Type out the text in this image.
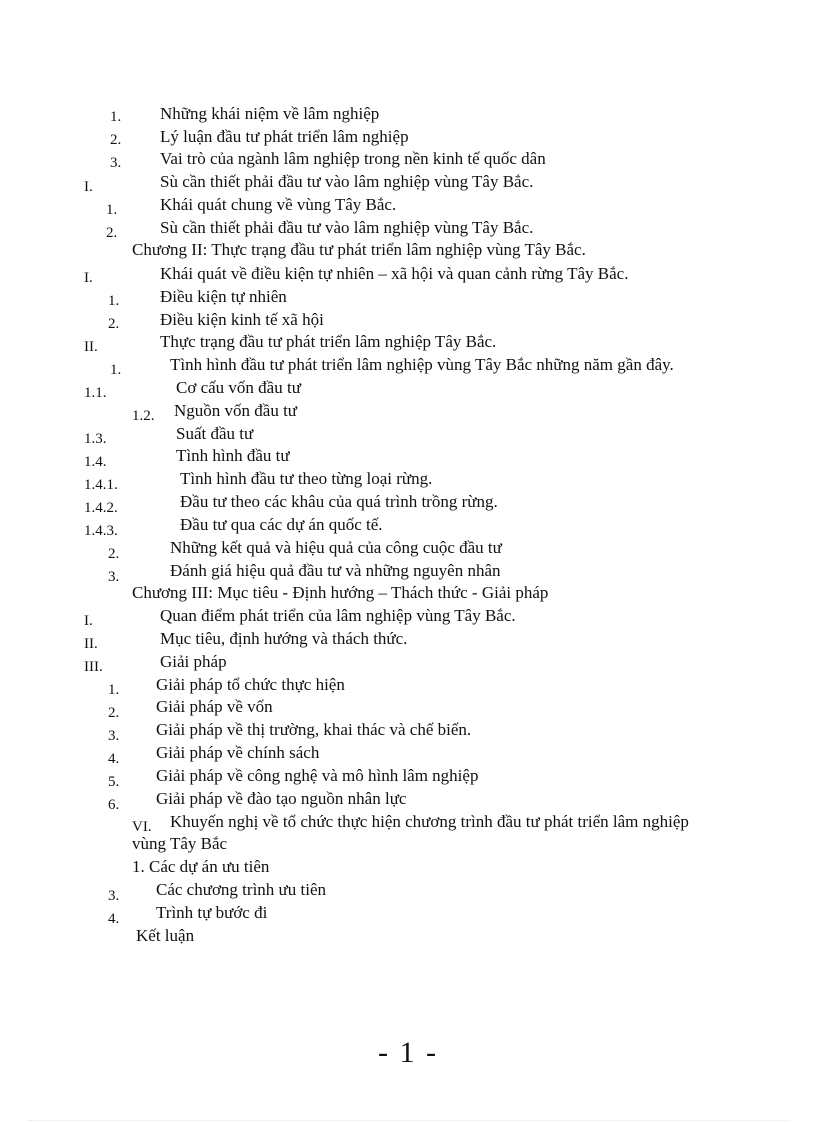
1. Những khái niệm về lâm nghiệp
2. Lý luận đầu tư phát triển lâm nghiệp
3. Vai trò của ngành lâm nghiệp trong nền kinh tế quốc dân
I.	Sù cần thiết phải đầu tư vào lâm nghiệp vùng Tây Bắc.
1.	Khái quát chung về vùng Tây Bắc.
2.	Sù cần thiết phải đầu tư vào lâm nghiệp vùng Tây Bắc.
Chương II: Thực trạng đầu tư phát triển lâm nghiệp vùng Tây Bắc.
I.	Khái quát về điều kiện tự nhiên – xã hội và quan cảnh rừng Tây Bắc.
1. Điều kiện tự nhiên
2. Điều kiện kinh tế xã hội
II.	Thực trạng đầu tư phát triển lâm nghiệp Tây Bắc.
1.	Tình hình đầu tư phát triển lâm nghiệp vùng Tây Bắc những năm gần đây.
1.1.	Cơ cấu vốn đầu tư
1.2. Nguồn vốn đầu tư
1.3.	Suất đầu tư
1.4.	Tình hình đầu tư
1.4.1.	Tình hình đầu tư theo từng loại rừng.
1.4.2.	Đầu tư theo các khâu của quá trình trồng rừng.
1.4.3.	Đầu tư qua các dự án quốc tế.
2.	Những kết quả và hiệu quả của công cuộc đầu tư
3.	Đánh giá hiệu quả đầu tư và những nguyên nhân
Chương III: Mục tiêu - Định hướng – Thách thức - Giải pháp
I.	Quan điểm phát triển của lâm nghiệp vùng Tây Bắc.
II.	Mục tiêu, định hướng và thách thức.
III.	Giải pháp
1. Giải pháp tổ chức thực hiện
2. Giải pháp về vốn
3. Giải pháp về thị trường, khai thác và chế biến.
4. Giải pháp về chính sách
5. Giải pháp về công nghệ và mô hình lâm nghiệp
6. Giải pháp về đào tạo nguồn nhân lực
VI. Khuyến nghị về tổ chức thực hiện chương trình đầu tư phát triển lâm nghiệp
vùng Tây Bắc
1. Các dự án ưu tiên
3. Các chương trình ưu tiên
4. Trình tự bước đi
Kết luận
- 1 -
